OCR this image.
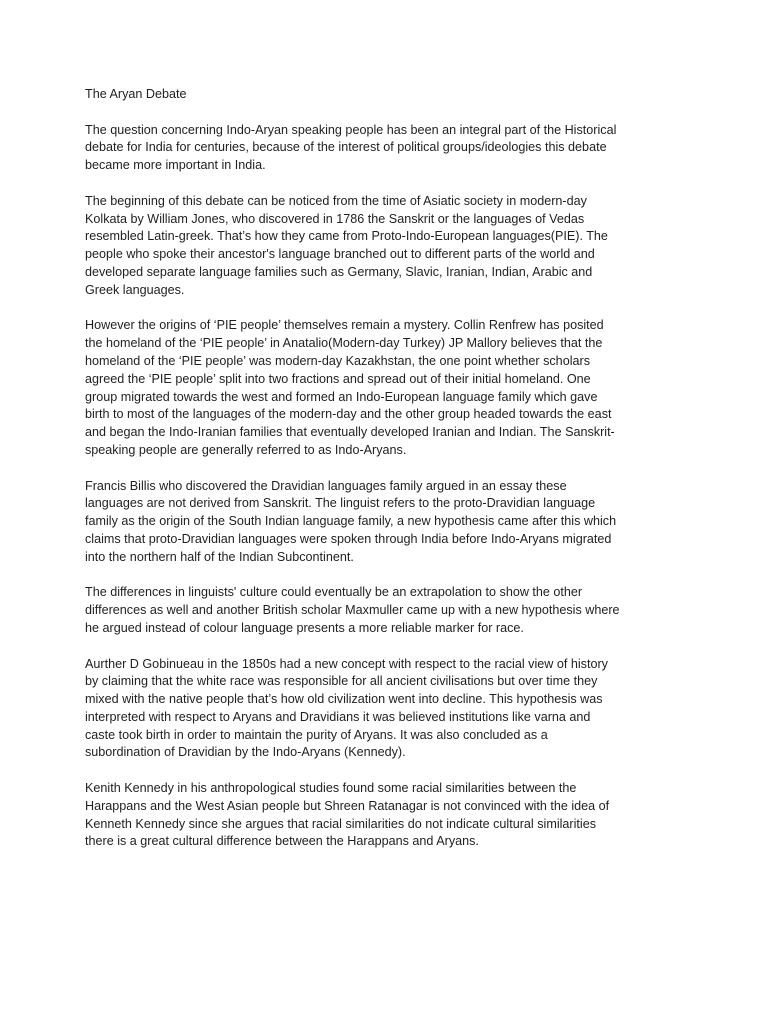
The Aryan Debate

The question concerning Indo-Aryan speaking people has been an integral part of the Historical debate for India for centuries, because of the interest of political groups/ideologies this debate became more important in India.

The beginning of this debate can be noticed from the time of Asiatic society in modern-day Kolkata by William Jones, who discovered in 1786 the Sanskrit or the languages of Vedas resembled Latin-greek. That’s how they came from Proto-Indo-European languages(PIE). The people who spoke their ancestor's language branched out to different parts of the world and developed separate language families such as Germany, Slavic, Iranian, Indian, Arabic and Greek languages.

However the origins of ‘PIE people’ themselves remain a mystery. Collin Renfrew has posited the homeland of the ‘PIE people’ in Anatalio(Modern-day Turkey) JP Mallory believes that the homeland of the ‘PIE people’ was modern-day Kazakhstan, the one point whether scholars agreed the ‘PIE people’ split into two fractions and spread out of their initial homeland. One group migrated towards the west and formed an Indo-European language family which gave birth to most of the languages of the modern-day and the other group headed towards the east and began the Indo-Iranian families that eventually developed Iranian and Indian. The Sanskrit-speaking people are generally referred to as Indo-Aryans.

Francis Billis who discovered the Dravidian languages family argued in an essay these languages are not derived from Sanskrit. The linguist refers to the proto-Dravidian language family as the origin of the South Indian language family, a new hypothesis came after this which claims that proto-Dravidian languages were spoken through India before Indo-Aryans migrated into the northern half of the Indian Subcontinent.

The differences in linguists' culture could eventually be an extrapolation to show the other differences as well and another British scholar Maxmuller came up with a new hypothesis where he argued instead of colour language presents a more reliable marker for race.

Aurther D Gobinueau in the 1850s had a new concept with respect to the racial view of history by claiming that the white race was responsible for all ancient civilisations but over time they mixed with the native people that’s how old civilization went into decline. This hypothesis was interpreted with respect to Aryans and Dravidians it was believed institutions like varna and caste took birth in order to maintain the purity of Aryans. It was also concluded as a subordination of Dravidian by the Indo-Aryans (Kennedy).

Kenith Kennedy in his anthropological studies found some racial similarities between the Harappans and the West Asian people but Shreen Ratanagar is not convinced with the idea of Kenneth Kennedy since she argues that racial similarities do not indicate cultural similarities there is a great cultural difference between the Harappans and Aryans.
